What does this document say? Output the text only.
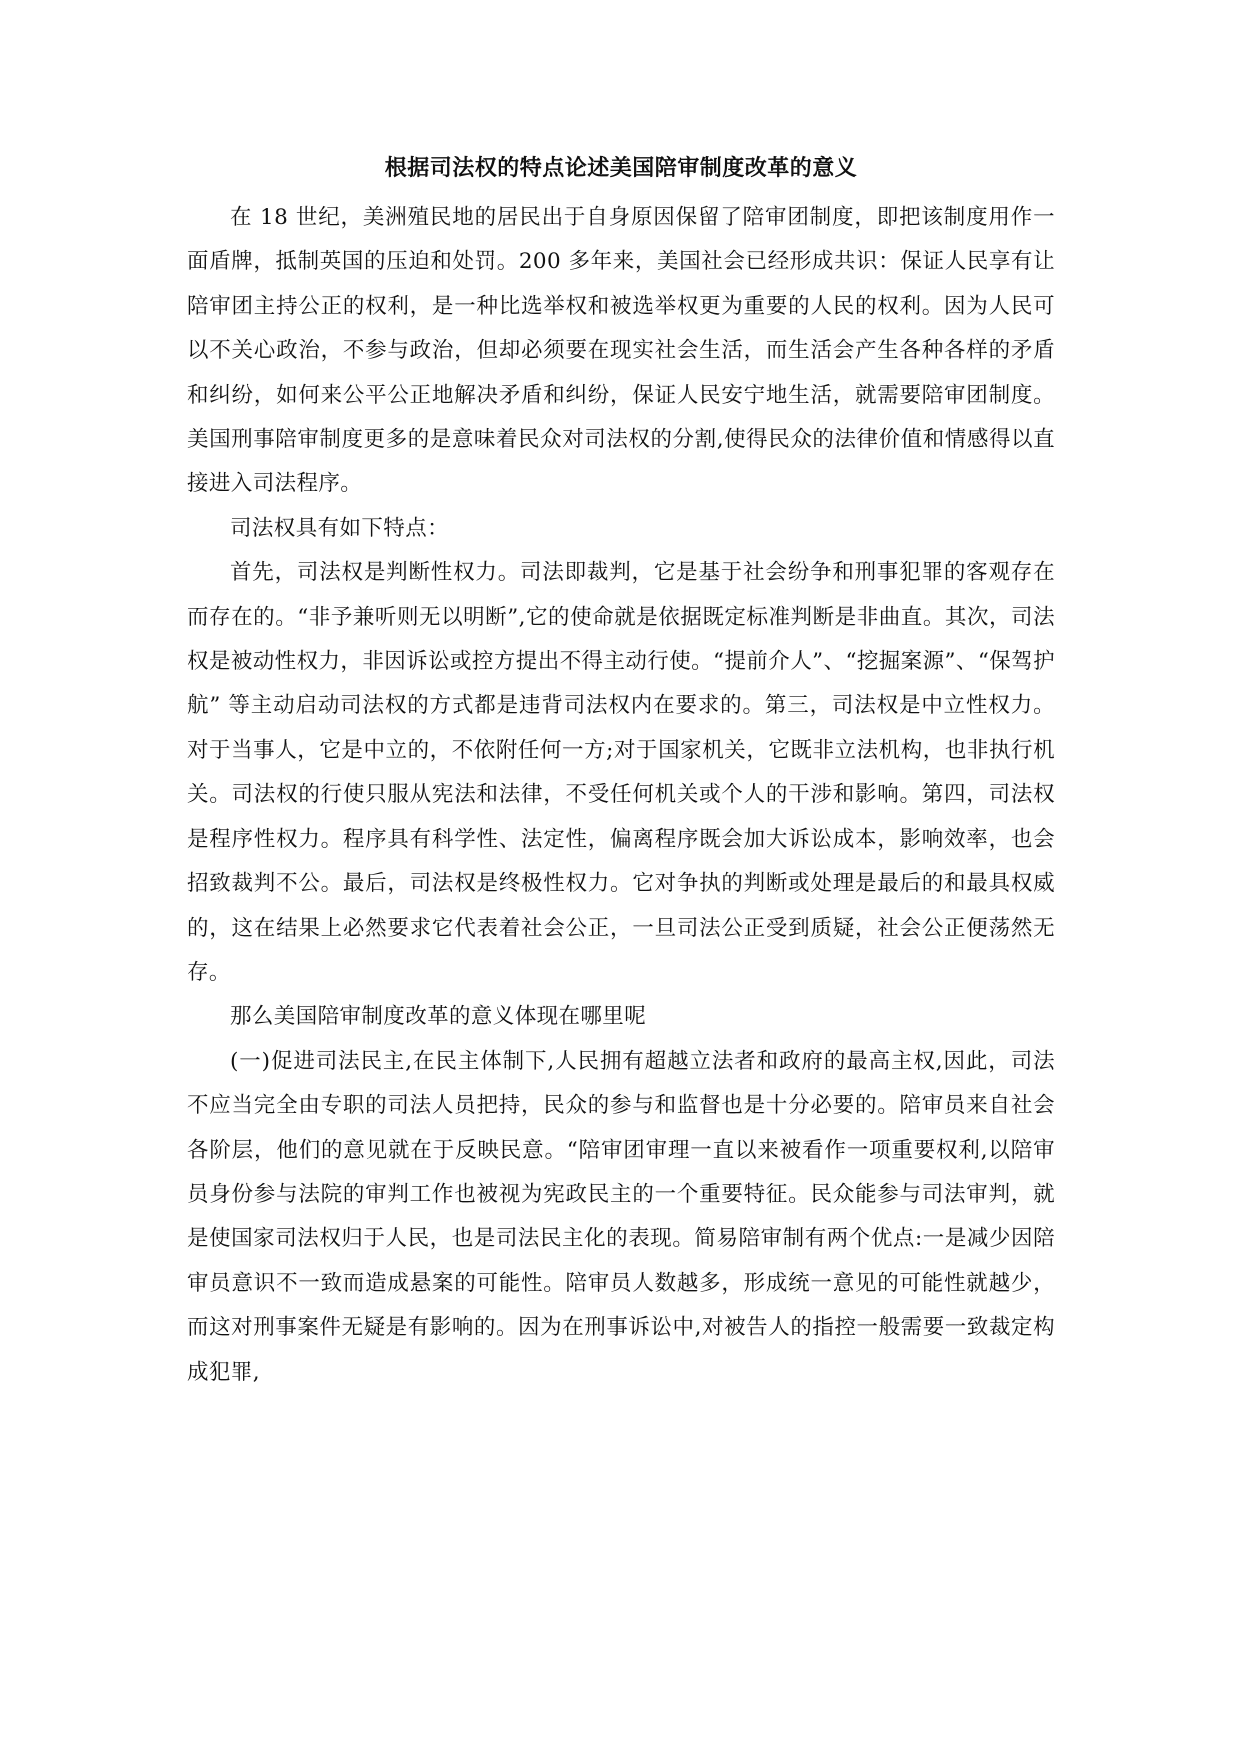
根据司法权的特点论述美国陪审制度改革的意义

在 18 世纪，美洲殖民地的居民出于自身原因保留了陪审团制度，即把该制度用作一面盾牌，抵制英国的压迫和处罚。200 多年来，美国社会已经形成共识：保证人民享有让陪审团主持公正的权利，是一种比选举权和被选举权更为重要的人民的权利。因为人民可以不关心政治，不参与政治，但却必须要在现实社会生活，而生活会产生各种各样的矛盾和纠纷，如何来公平公正地解决矛盾和纠纷，保证人民安宁地生活，就需要陪审团制度。美国刑事陪审制度更多的是意味着民众对司法权的分割,使得民众的法律价值和情感得以直接进入司法程序。

司法权具有如下特点：

首先，司法权是判断性权力。司法即裁判，它是基于社会纷争和刑事犯罪的客观存在而存在的。“非予兼听则无以明断”,它的使命就是依据既定标准判断是非曲直。其次，司法权是被动性权力，非因诉讼或控方提出不得主动行使。“提前介人”、“挖掘案源”、“保驾护航” 等主动启动司法权的方式都是违背司法权内在要求的。第三，司法权是中立性权力。对于当事人，它是中立的，不依附任何一方;对于国家机关，它既非立法机构，也非执行机关。司法权的行使只服从宪法和法律，不受任何机关或个人的干涉和影响。第四，司法权是程序性权力。程序具有科学性、法定性，偏离程序既会加大诉讼成本，影响效率，也会招致裁判不公。最后，司法权是终极性权力。它对争执的判断或处理是最后的和最具权威的，这在结果上必然要求它代表着社会公正，一旦司法公正受到质疑，社会公正便荡然无存。

那么美国陪审制度改革的意义体现在哪里呢

(一)促进司法民主,在民主体制下,人民拥有超越立法者和政府的最高主权,因此，司法不应当完全由专职的司法人员把持，民众的参与和监督也是十分必要的。陪审员来自社会各阶层，他们的意见就在于反映民意。“陪审团审理一直以来被看作一项重要权利,以陪审员身份参与法院的审判工作也被视为宪政民主的一个重要特征。民众能参与司法审判，就是使国家司法权归于人民，也是司法民主化的表现。简易陪审制有两个优点:一是减少因陪审员意识不一致而造成悬案的可能性。陪审员人数越多，形成统一意见的可能性就越少，而这对刑事案件无疑是有影响的。因为在刑事诉讼中,对被告人的指控一般需要一致裁定构成犯罪,
